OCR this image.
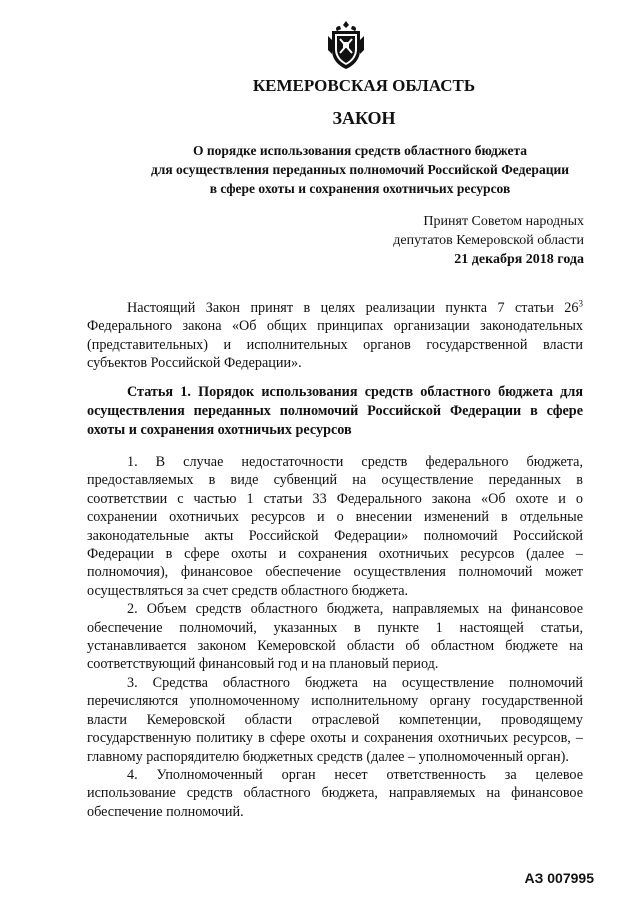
КЕМЕРОВСКАЯ ОБЛАСТЬ
ЗАКОН
О порядке использования средств областного бюджета
для осуществления переданных полномочий Российской Федерации
в сфере охоты и сохранения охотничьих ресурсов
Принят Советом народных
депутатов Кемеровской области
21 декабря 2018 года

Настоящий Закон принят в целях реализации пункта 7 статьи $26^3$ Федерального закона «Об общих принципах организации законодательных (представительных) и исполнительных органов государственной власти субъектов Российской Федерации».

Статья 1. Порядок использования средств областного бюджета для осуществления переданных полномочий Российской Федерации в сфере охоты и сохранения охотничьих ресурсов

1. В случае недостаточности средств федерального бюджета, предоставляемых в виде субвенций на осуществление переданных в соответствии с частью 1 статьи 33 Федерального закона «Об охоте и о сохранении охотничьих ресурсов и о внесении изменений в отдельные законодательные акты Российской Федерации» полномочий Российской Федерации в сфере охоты и сохранения охотничьих ресурсов (далее – полномочия), финансовое обеспечение осуществления полномочий может осуществляться за счет средств областного бюджета.

2. Объем средств областного бюджета, направляемых на финансовое обеспечение полномочий, указанных в пункте 1 настоящей статьи, устанавливается законом Кемеровской области об областном бюджете на соответствующий финансовый год и на плановый период.

3. Средства областного бюджета на осуществление полномочий перечисляются уполномоченному исполнительному органу государственной власти Кемеровской области отраслевой компетенции, проводящему государственную политику в сфере охоты и сохранения охотничьих ресурсов, – главному распорядителю бюджетных средств (далее – уполномоченный орган).

4. Уполномоченный орган несет ответственность за целевое использование средств областного бюджета, направляемых на финансовое обеспечение полномочий.

АЗ 007995
